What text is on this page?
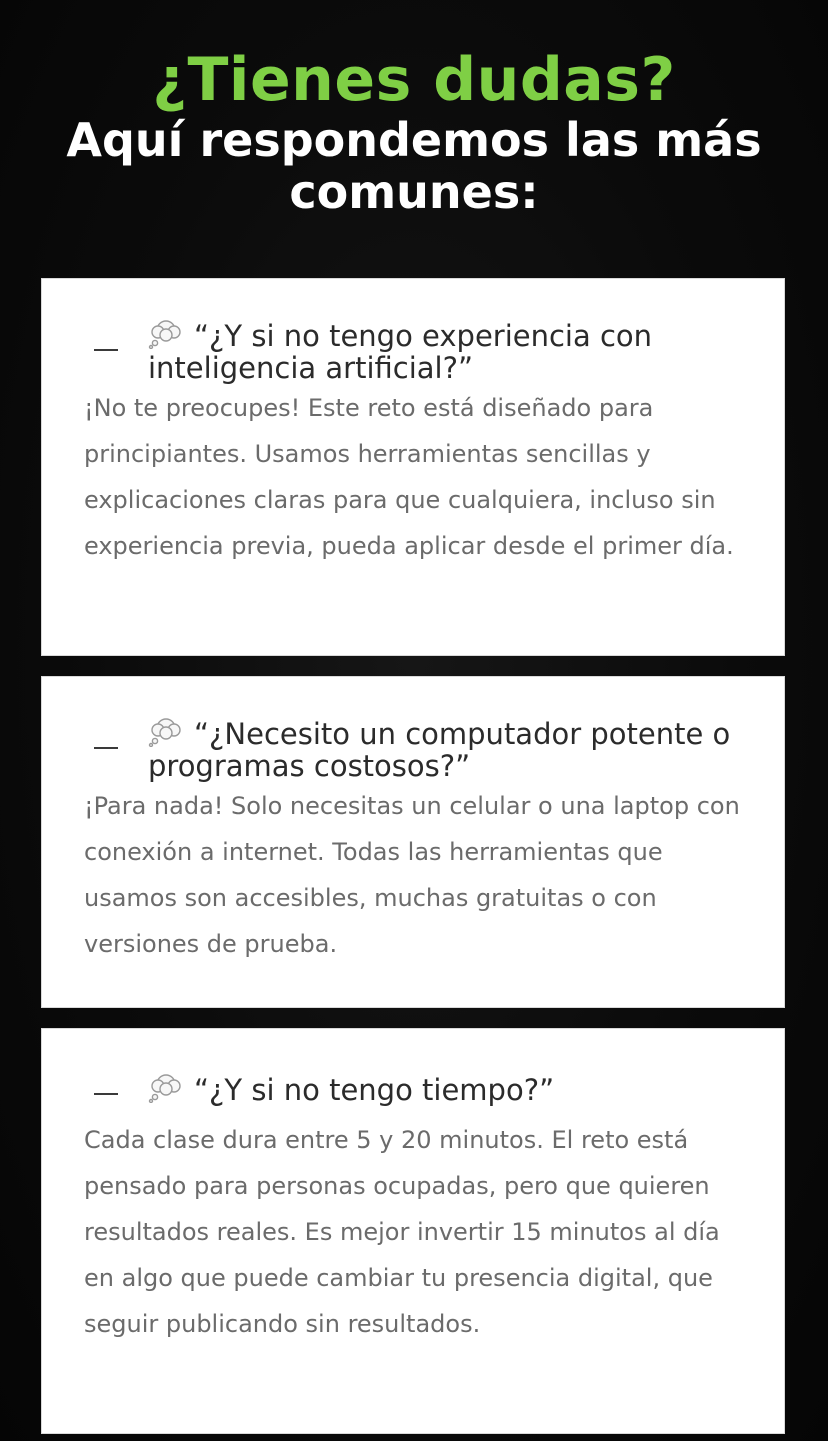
¿Tienes dudas?
Aquí respondemos las más comunes:
“¿Y si no tengo experiencia con inteligencia artificial?”

¡No te preocupes! Este reto está diseñado para principiantes. Usamos herramientas sencillas y explicaciones claras para que cualquiera, incluso sin experiencia previa, pueda aplicar desde el primer día.

“¿Necesito un computador potente o programas costosos?”

¡Para nada! Solo necesitas un celular o una laptop con conexión a internet. Todas las herramientas que usamos son accesibles, muchas gratuitas o con versiones de prueba.

“¿Y si no tengo tiempo?”

Cada clase dura entre 5 y 20 minutos. El reto está pensado para personas ocupadas, pero que quieren resultados reales. Es mejor invertir 15 minutos al día en algo que puede cambiar tu presencia digital, que seguir publicando sin resultados.
